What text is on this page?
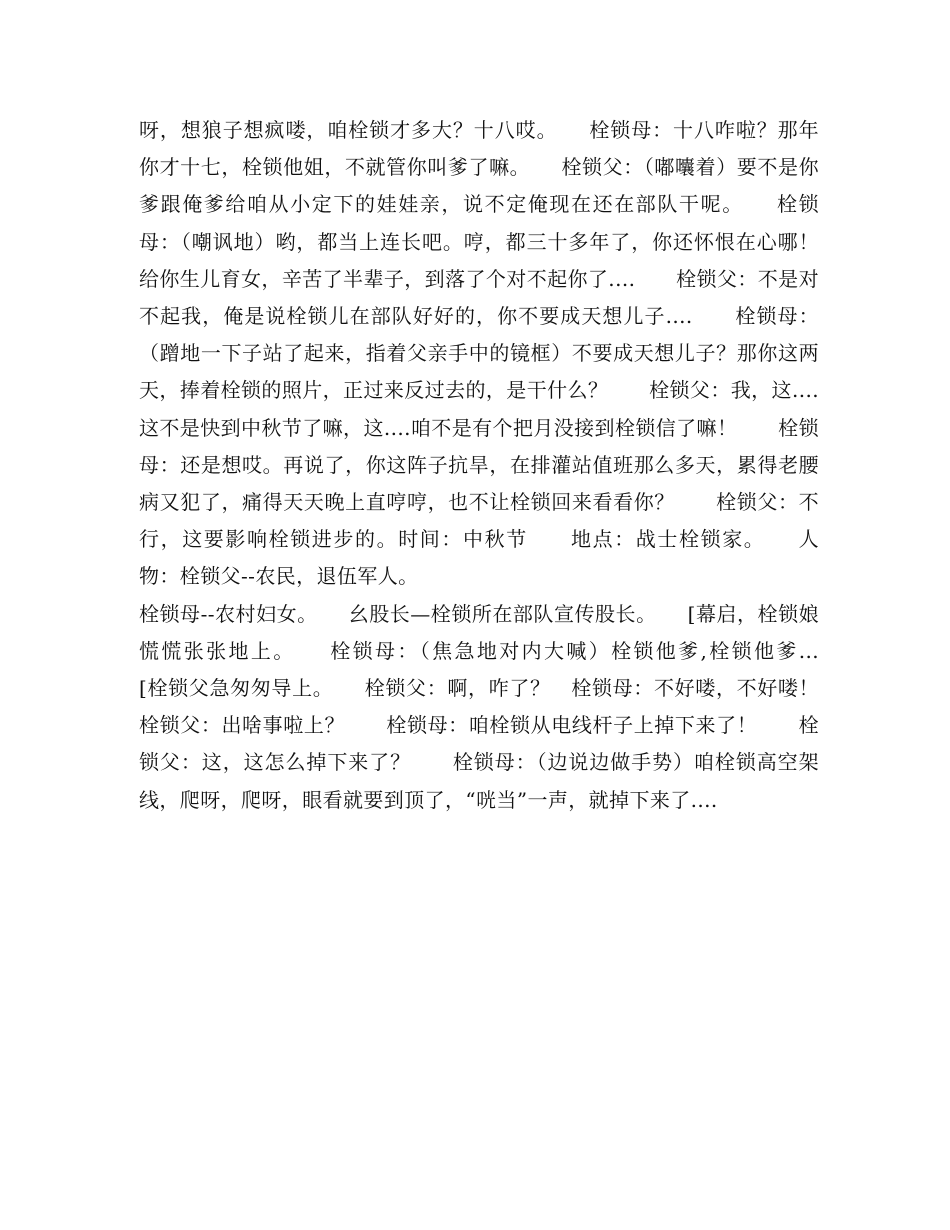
呀，想狼子想疯喽，咱栓锁才多大？十八哎。　　栓锁母：十八咋啦？那年你才十七，栓锁他姐，不就管你叫爹了嘛。　　栓锁父：（嘟囔着）要不是你爹跟俺爹给咱从小定下的娃娃亲，说不定俺现在还在部队干呢。　　栓锁母：（嘲讽地）哟，都当上连长吧。哼，都三十多年了，你还怀恨在心哪！给你生儿育女，辛苦了半辈子，到落了个对不起你了....　　栓锁父：不是对不起我，俺是说栓锁儿在部队好好的，你不要成天想儿子....　　栓锁母：（蹭地一下子站了起来，指着父亲手中的镜框）不要成天想儿子？那你这两天，捧着栓锁的照片，正过来反过去的，是干什么？　　栓锁父：我，这....这不是快到中秋节了嘛，这....咱不是有个把月没接到栓锁信了嘛！　　栓锁母：还是想哎。再说了，你这阵子抗旱，在排灌站值班那么多天，累得老腰病又犯了，痛得天天晚上直哼哼，也不让栓锁回来看看你？　　栓锁父：不行，这要影响栓锁进步的。时间：中秋节　　地点：战士栓锁家。　　人物：栓锁父--农民，退伍军人。

栓锁母--农村妇女。　　幺股长—栓锁所在部队宣传股长。　　[幕启，栓锁娘慌慌张张地上。　　栓锁母：（焦急地对内大喊）栓锁他爹,栓锁他爹...　　[栓锁父急匆匆导上。　　栓锁父：啊，咋了？　栓锁母：不好喽，不好喽！　　栓锁父：出啥事啦上？　　栓锁母：咱栓锁从电线杆子上掉下来了！　　栓锁父：这，这怎么掉下来了？　　栓锁母：（边说边做手势）咱栓锁高空架线，爬呀，爬呀，眼看就要到顶了，“咣当”一声，就掉下来了....
